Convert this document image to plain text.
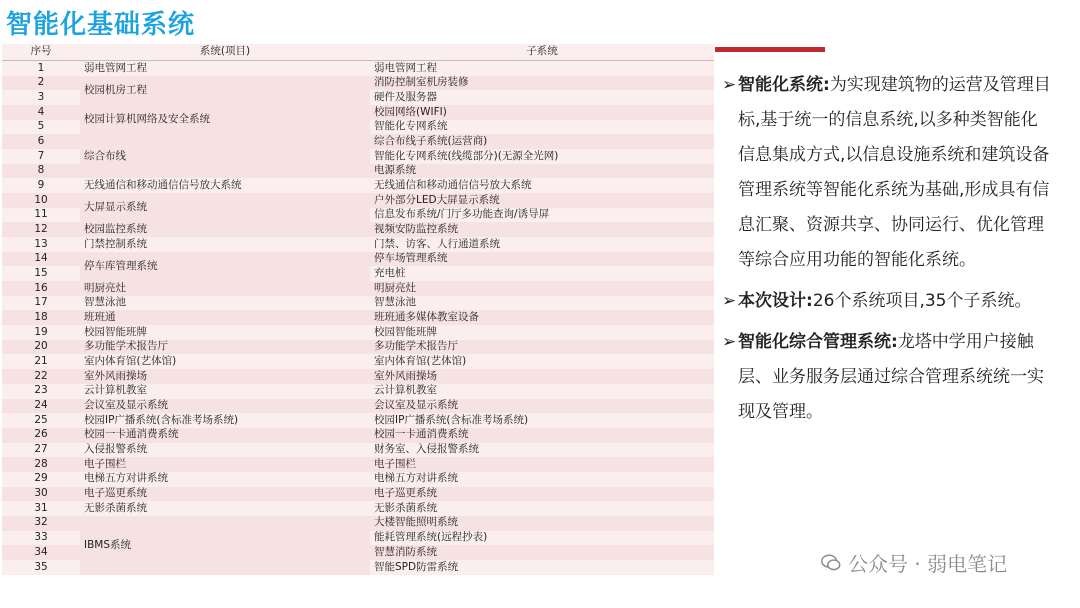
智能化基础系统
序号	系统(项目)	子系统
1	弱电管网工程	弱电管网工程
2	校园机房工程	消防控制室机房装修
3		硬件及服务器
4	校园计算机网络及安全系统	校园网络(WIFI)
5		智能化专网系统
6	综合布线	综合布线子系统(运营商)
7		智能化专网系统(线缆部分)(无源全光网)
8		电源系统
9	无线通信和移动通信信号放大系统	无线通信和移动通信信号放大系统
10	大屏显示系统	户外部分LED大屏显示系统
11		信息发布系统/门厅多功能查询/诱导屏
12	校园监控系统	视频安防监控系统
13	门禁控制系统	门禁、访客、人行通道系统
14	停车库管理系统	停车场管理系统
15		充电桩
16	明厨亮灶	明厨亮灶
17	智慧泳池	智慧泳池
18	班班通	班班通多媒体教室设备
19	校园智能班牌	校园智能班牌
20	多功能学术报告厅	多功能学术报告厅
21	室内体育馆(艺体馆)	室内体育馆(艺体馆)
22	室外风雨操场	室外风雨操场
23	云计算机教室	云计算机教室
24	会议室及显示系统	会议室及显示系统
25	校园IP广播系统(含标准考场系统)	校园IP广播系统(含标准考场系统)
26	校园一卡通消费系统	校园一卡通消费系统
27	入侵报警系统	财务室、入侵报警系统
28	电子围栏	电子围栏
29	电梯五方对讲系统	电梯五方对讲系统
30	电子巡更系统	电子巡更系统
31	无影杀菌系统	无影杀菌系统
32	IBMS系统	大楼智能照明系统
33		能耗管理系统(远程抄表)
34		智慧消防系统
35		智能SPD防雷系统
➢ 智能化系统:为实现建筑物的运营及管理目标,基于统一的信息系统,以多种类智能化信息集成方式,以信息设施系统和建筑设备管理系统等智能化系统为基础,形成具有信息汇聚、资源共享、协同运行、优化管理等综合应用功能的智能化系统。
➢ 本次设计:26个系统项目,35个子系统。
➢ 智能化综合管理系统:龙塔中学用户接触层、业务服务层通过综合管理系统统一实现及管理。
公众号 · 弱电笔记
